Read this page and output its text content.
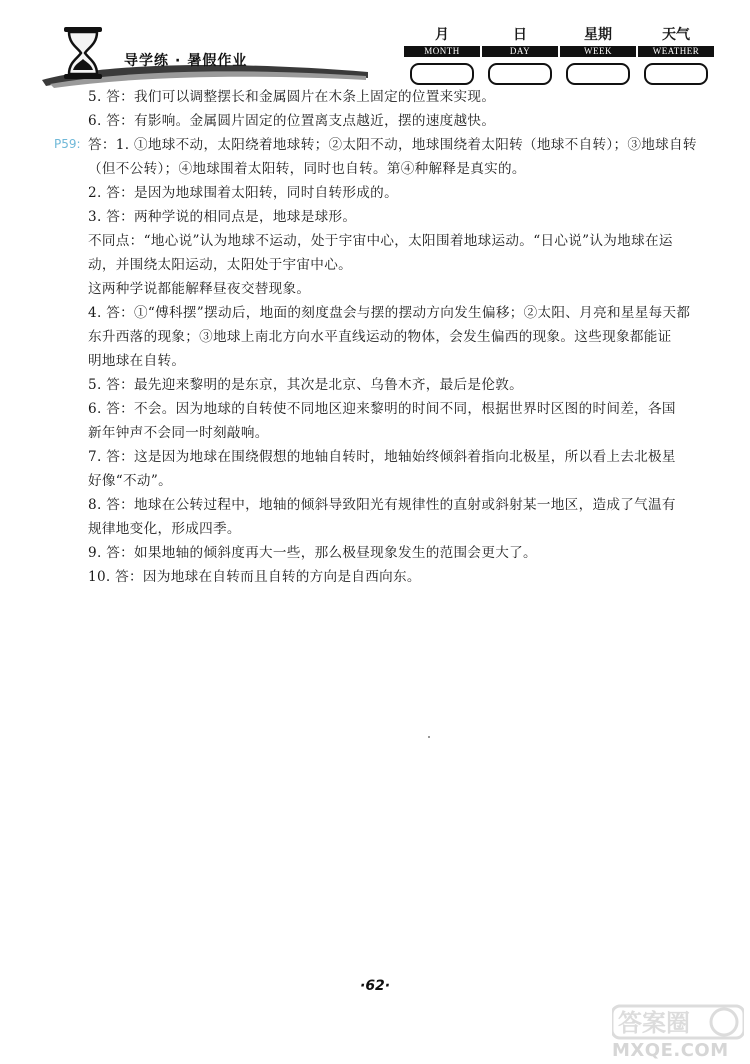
导学练 · 暑假作业
月
MONTH
日
DAY
星期
WEEK
天气
WEATHER
P59:
5. 答：我们可以调整摆长和金属圆片在木条上固定的位置来实现。
6. 答：有影响。金属圆片固定的位置离支点越近，摆的速度越快。
答：1. ①地球不动，太阳绕着地球转；②太阳不动，地球围绕着太阳转（地球不自转）；③地球自转
（但不公转）；④地球围着太阳转，同时也自转。第④种解释是真实的。
2. 答：是因为地球围着太阳转，同时自转形成的。
3. 答：两种学说的相同点是，地球是球形。
不同点：“地心说”认为地球不运动，处于宇宙中心，太阳围着地球运动。“日心说”认为地球在运
动，并围绕太阳运动，太阳处于宇宙中心。
这两种学说都能解释昼夜交替现象。
4. 答：①“傅科摆”摆动后，地面的刻度盘会与摆的摆动方向发生偏移；②太阳、月亮和星星每天都
东升西落的现象；③地球上南北方向水平直线运动的物体，会发生偏西的现象。这些现象都能证
明地球在自转。
5. 答：最先迎来黎明的是东京，其次是北京、乌鲁木齐，最后是伦敦。
6. 答：不会。因为地球的自转使不同地区迎来黎明的时间不同，根据世界时区图的时间差，各国
新年钟声不会同一时刻敲响。
7. 答：这是因为地球在围绕假想的地轴自转时，地轴始终倾斜着指向北极星，所以看上去北极星
好像“不动”。
8. 答：地球在公转过程中，地轴的倾斜导致阳光有规律性的直射或斜射某一地区，造成了气温有
规律地变化，形成四季。
9. 答：如果地轴的倾斜度再大一些，那么极昼现象发生的范围会更大了。
10. 答：因为地球在自转而且自转的方向是自西向东。
·62·
答案圈
MXQE.COM
